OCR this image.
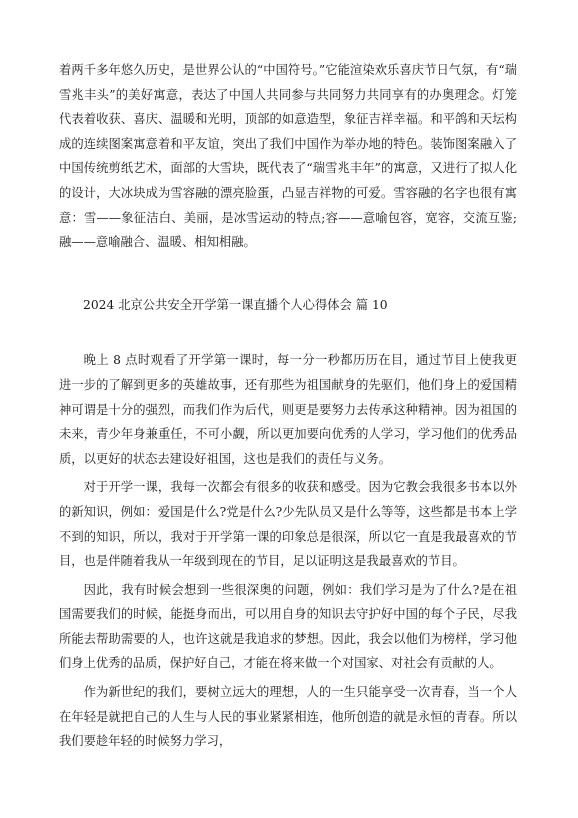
着两千多年悠久历史，是世界公认的“中国符号。”它能渲染欢乐喜庆节日气氛，有“瑞雪兆丰头”的美好寓意，表达了中国人共同参与共同努力共同享有的办奥理念。灯笼代表着收获、喜庆、温暖和光明，顶部的如意造型，象征吉祥幸福。和平鸽和天坛构成的连续图案寓意着和平友谊，突出了我们中国作为举办地的特色。装饰图案融入了中国传统剪纸艺术，面部的大雪块，既代表了“瑞雪兆丰年”的寓意，又进行了拟人化的设计，大冰块成为雪容融的漂亮脸蛋，凸显吉祥物的可爱。雪容融的名字也很有寓意：雪——象征洁白、美丽，是冰雪运动的特点;容——意喻包容，宽容，交流互鉴;融——意喻融合、温暖、相知相融。

2024 北京公共安全开学第一课直播个人心得体会 篇 10

晚上 8 点时观看了开学第一课时，每一分一秒都历历在目，通过节目上使我更进一步的了解到更多的英雄故事，还有那些为祖国献身的先驱们，他们身上的爱国精神可谓是十分的强烈，而我们作为后代，则更是要努力去传承这种精神。因为祖国的未来，青少年身兼重任，不可小觑，所以更加要向优秀的人学习，学习他们的优秀品质，以更好的状态去建设好祖国，这也是我们的责任与义务。

对于开学一课，我每一次都会有很多的收获和感受。因为它教会我很多书本以外的新知识，例如：爱国是什么?党是什么?少先队员又是什么等等，这些都是书本上学不到的知识，所以，我对于开学第一课的印象总是很深，所以它一直是我最喜欢的节目，也是伴随着我从一年级到现在的节目，足以证明这是我最喜欢的节目。

因此，我有时候会想到一些很深奥的问题，例如：我们学习是为了什么?是在祖国需要我们的时候，能挺身而出，可以用自身的知识去守护好中国的每个子民，尽我所能去帮助需要的人，也许这就是我追求的梦想。因此，我会以他们为榜样，学习他们身上优秀的品质，保护好自己，才能在将来做一个对国家、对社会有贡献的人。

作为新世纪的我们，要树立远大的理想，人的一生只能享受一次青春，当一个人在年轻是就把自己的人生与人民的事业紧紧相连，他所创造的就是永恒的青春。所以我们要趁年轻的时候努力学习，
